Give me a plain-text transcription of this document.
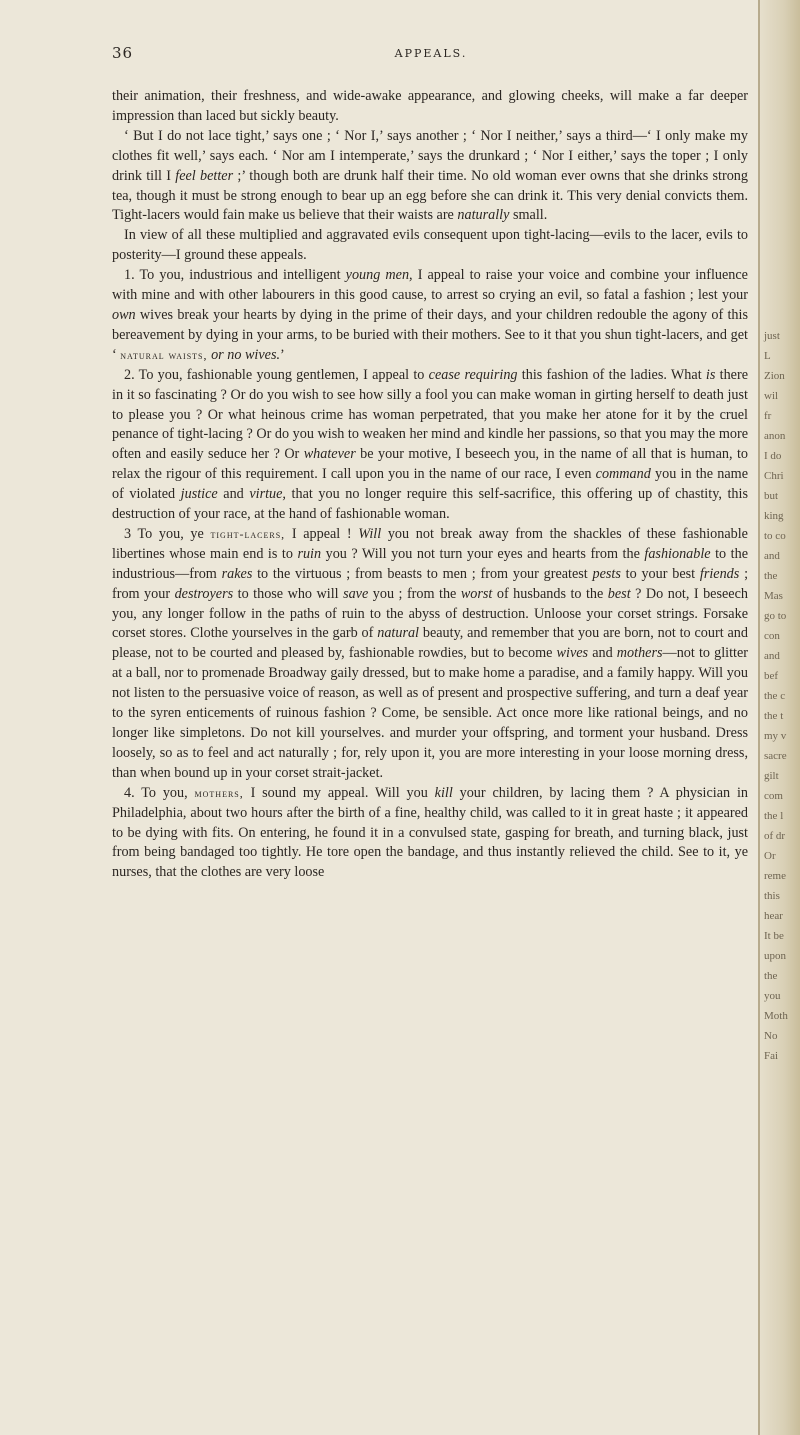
36	APPEALS.

their animation, their freshness, and wide-awake appearance, and glowing cheeks, will make a far deeper impression than laced but sickly beauty.

‘ But I do not lace tight,’ says one ; ‘ Nor I,’ says another ; ‘ Nor I neither,’ says a third—‘ I only make my clothes fit well,’ says each. ‘ Nor am I intemperate,’ says the drunkard ; ‘ Nor I either,’ says the toper ; I only drink till I feel better ;’ though both are drunk half their time. No old woman ever owns that she drinks strong tea, though it must be strong enough to bear up an egg before she can drink it. This very denial convicts them. Tight-lacers would fain make us believe that their waists are naturally small.

In view of all these multiplied and aggravated evils consequent upon tight-lacing—evils to the lacer, evils to posterity—I ground these appeals.

1. To you, industrious and intelligent young men, I appeal to raise your voice and combine your influence with mine and with other labourers in this good cause, to arrest so crying an evil, so fatal a fashion ; lest your own wives break your hearts by dying in the prime of their days, and your children redouble the agony of this bereavement by dying in your arms, to be buried with their mothers. See to it that you shun tight-lacers, and get ‘ natural waists, or no wives.’

2. To you, fashionable young gentlemen, I appeal to cease requiring this fashion of the ladies. What is there in it so fascinating ? Or do you wish to see how silly a fool you can make woman in girting herself to death just to please you ? Or what heinous crime has woman perpetrated, that you make her atone for it by the cruel penance of tight-lacing ? Or do you wish to weaken her mind and kindle her passions, so that you may the more often and easily seduce her ? Or whatever be your motive, I beseech you, in the name of all that is human, to relax the rigour of this requirement. I call upon you in the name of our race, I even command you in the name of violated justice and virtue, that you no longer require this self-sacrifice, this offering up of chastity, this destruction of your race, at the hand of fashionable woman.

3 To you, ye tight-lacers, I appeal ! Will you not break away from the shackles of these fashionable libertines whose main end is to ruin you ? Will you not turn your eyes and hearts from the fashionable to the industrious—from rakes to the virtuous ; from beasts to men ; from your greatest pests to your best friends ; from your destroyers to those who will save you ; from the worst of husbands to the best ? Do not, I beseech you, any longer follow in the paths of ruin to the abyss of destruction. Unloose your corset strings. Forsake corset stores. Clothe yourselves in the garb of natural beauty, and remember that you are born, not to court and please, not to be courted and pleased by, fashionable rowdies, but to become wives and mothers—not to glitter at a ball, nor to promenade Broadway gaily dressed, but to make home a paradise, and a family happy. Will you not listen to the persuasive voice of reason, as well as of present and prospective suffering, and turn a deaf year to the syren enticements of ruinous fashion ? Come, be sensible. Act once more like rational beings, and no longer like simpletons. Do not kill yourselves. and murder your offspring, and torment your husband. Dress loosely, so as to feel and act naturally ; for, rely upon it, you are more interesting in your loose morning dress, than when bound up in your corset strait-jacket.

4. To you, mothers, I sound my appeal. Will you kill your children, by lacing them ? A physician in Philadelphia, about two hours after the birth of a fine, healthy child, was called to it in great haste ; it appeared to be dying with fits. On entering, he found it in a convulsed state, gasping for breath, and turning black, just from being bandaged too tightly. He tore open the bandage, and thus instantly relieved the child. See to it, ye nurses, that the clothes are very loose

just
L
Zion
wil
fr
anon
I do
Chri
but
king
to co
and
the
Mas
go to
con
and
bef
the c
the t
my v
sacre
gilt
com
the l
of dr
Or
reme
this
hear
It be
upon
the
you
Moth
No
Fai
